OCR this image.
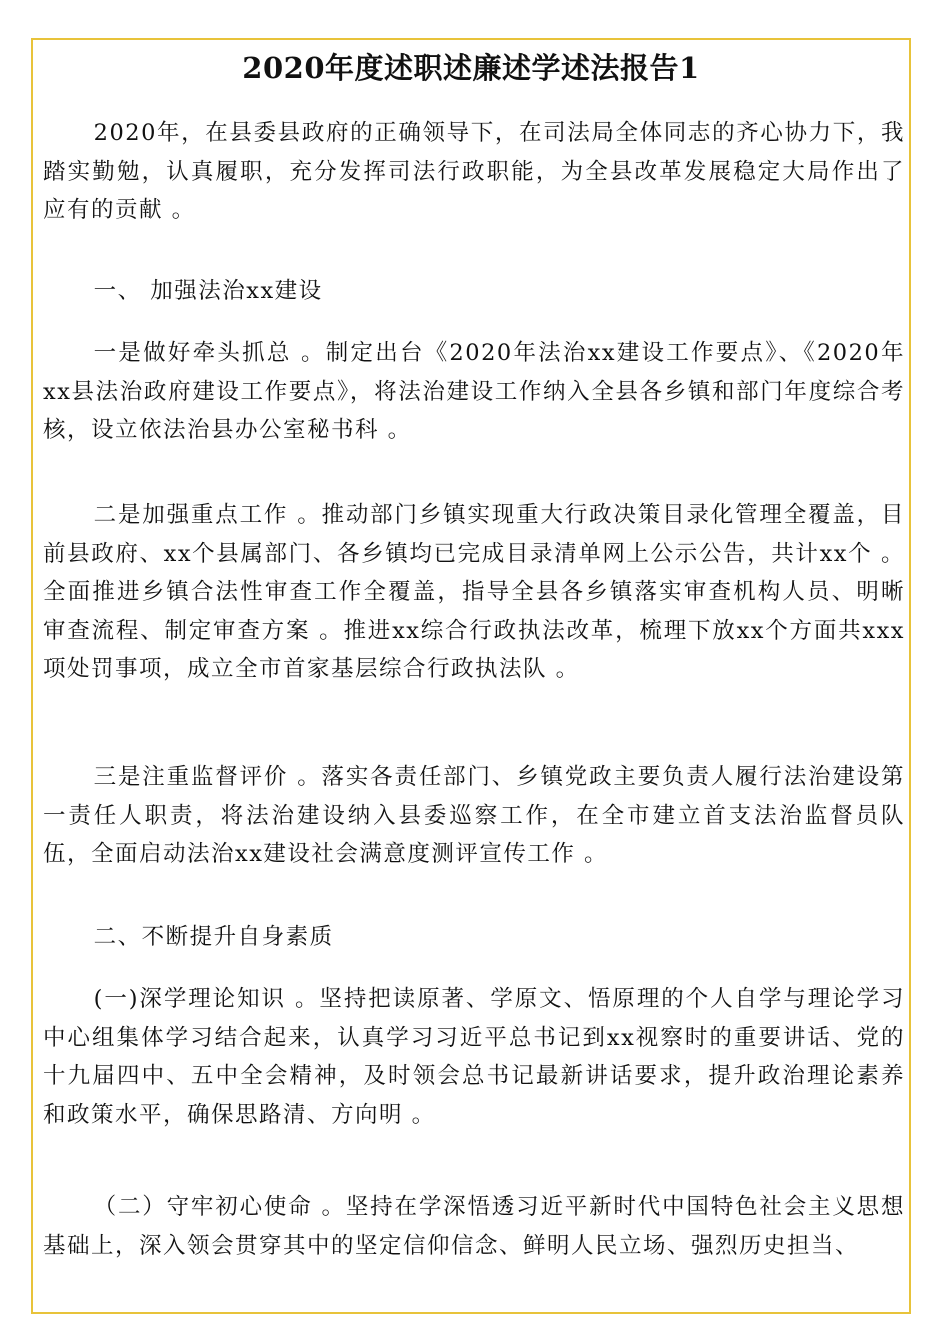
2020年度述职述廉述学述法报告1

2020年，在县委县政府的正确领导下，在司法局全体同志的齐心协力下，我踏实勤勉，认真履职，充分发挥司法行政职能，为全县改革发展稳定大局作出了应有的贡献 。

一、 加强法治xx建设

一是做好牵头抓总 。制定出台《2020年法治xx建设工作要点》、《2020年xx县法治政府建设工作要点》，将法治建设工作纳入全县各乡镇和部门年度综合考核，设立依法治县办公室秘书科 。

二是加强重点工作 。推动部门乡镇实现重大行政决策目录化管理全覆盖，目前县政府、xx个县属部门、各乡镇均已完成目录清单网上公示公告，共计xx个 。全面推进乡镇合法性审查工作全覆盖，指导全县各乡镇落实审查机构人员、明晰审查流程、制定审查方案 。推进xx综合行政执法改革，梳理下放xx个方面共xxx项处罚事项，成立全市首家基层综合行政执法队 。

三是注重监督评价 。落实各责任部门、乡镇党政主要负责人履行法治建设第一责任人职责，将法治建设纳入县委巡察工作，在全市建立首支法治监督员队伍，全面启动法治xx建设社会满意度测评宣传工作 。

二、不断提升自身素质

(一)深学理论知识 。坚持把读原著、学原文、悟原理的个人自学与理论学习中心组集体学习结合起来，认真学习习近平总书记到xx视察时的重要讲话、党的十九届四中、五中全会精神，及时领会总书记最新讲话要求，提升政治理论素养和政策水平，确保思路清、方向明 。

（二）守牢初心使命 。坚持在学深悟透习近平新时代中国特色社会主义思想基础上，深入领会贯穿其中的坚定信仰信念、鲜明人民立场、强烈历史担当、
